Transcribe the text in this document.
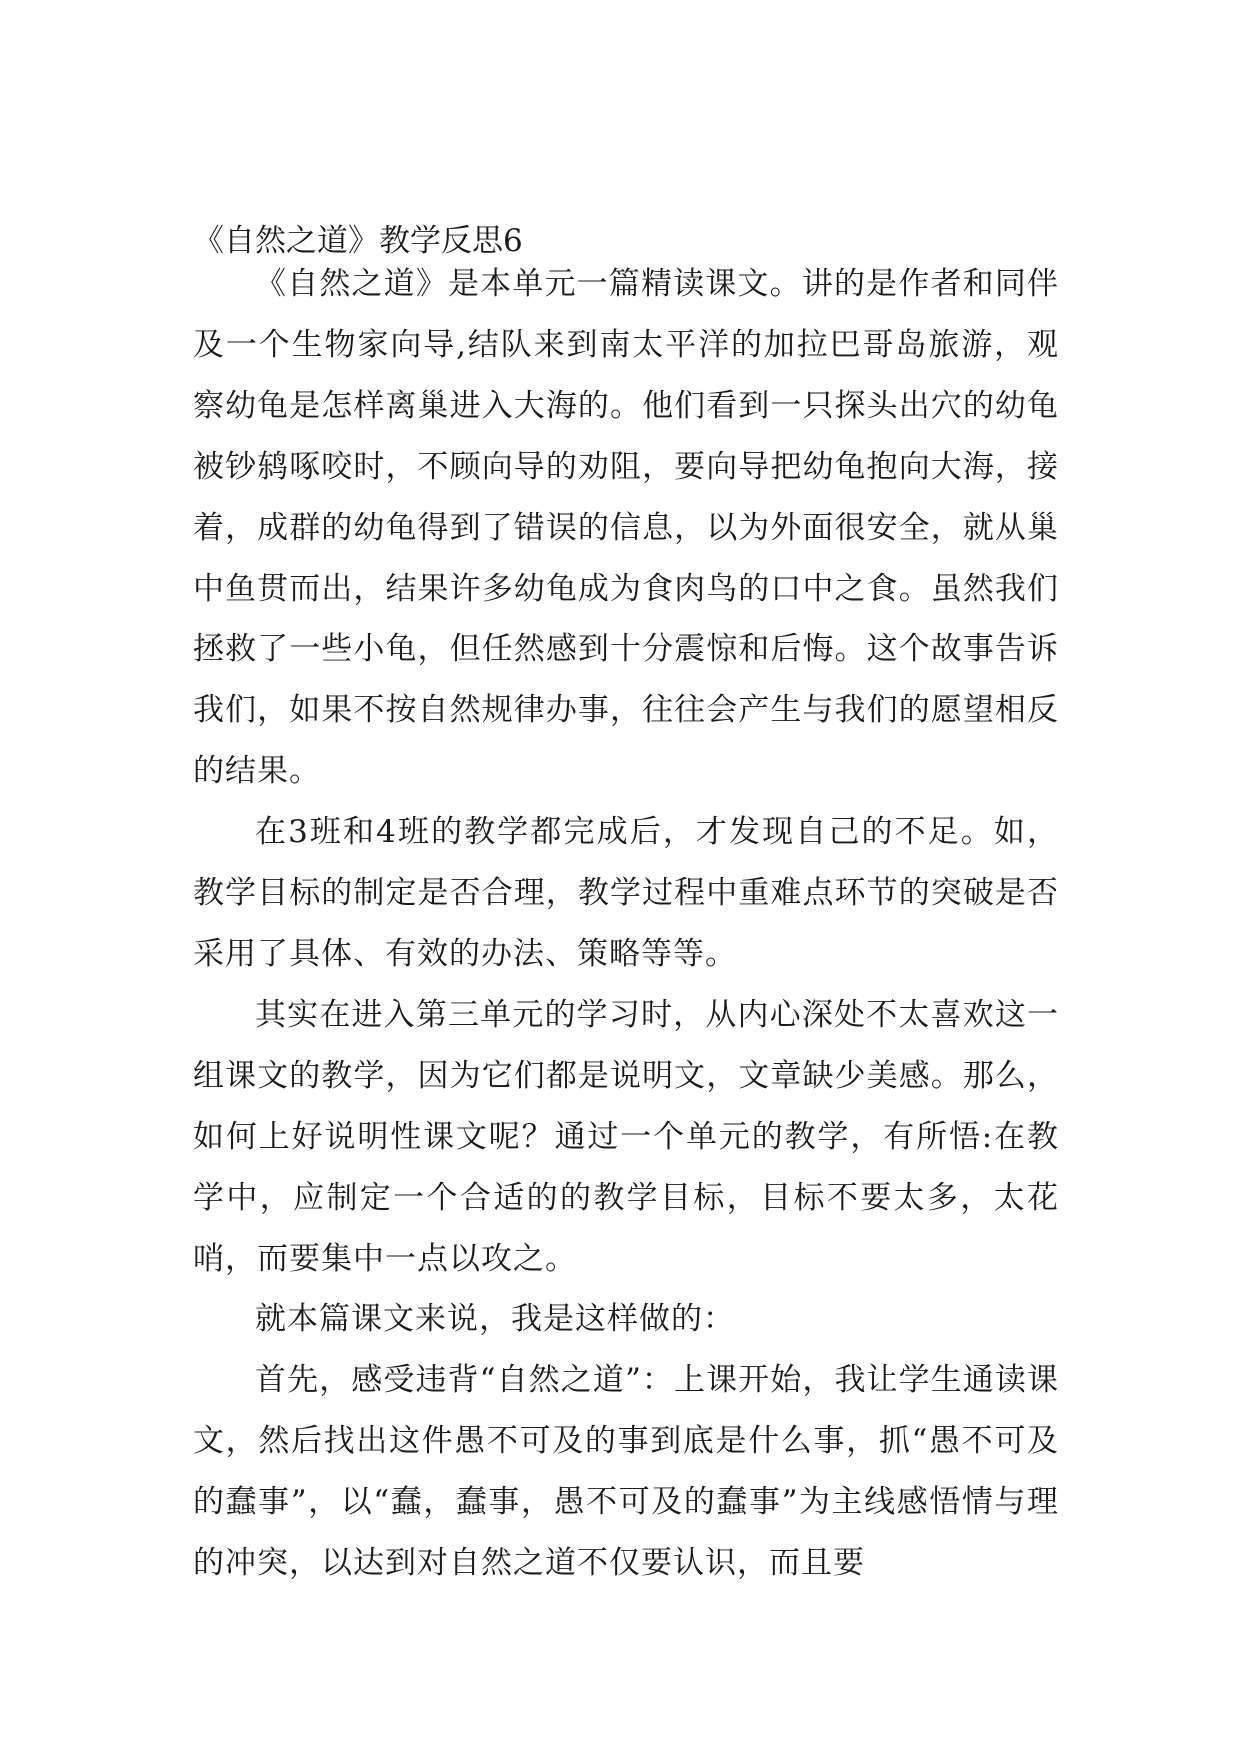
《自然之道》教学反思6

《自然之道》是本单元一篇精读课文。讲的是作者和同伴及一个生物家向导,结队来到南太平洋的加拉巴哥岛旅游，观察幼龟是怎样离巢进入大海的。他们看到一只探头出穴的幼龟被钞鸫啄咬时，不顾向导的劝阻，要向导把幼龟抱向大海，接着，成群的幼龟得到了错误的信息，以为外面很安全，就从巢中鱼贯而出，结果许多幼龟成为食肉鸟的口中之食。虽然我们拯救了一些小龟，但任然感到十分震惊和后悔。这个故事告诉我们，如果不按自然规律办事，往往会产生与我们的愿望相反的结果。

在3班和4班的教学都完成后，才发现自己的不足。如，教学目标的制定是否合理，教学过程中重难点环节的突破是否采用了具体、有效的办法、策略等等。

其实在进入第三单元的学习时，从内心深处不太喜欢这一组课文的教学，因为它们都是说明文，文章缺少美感。那么，如何上好说明性课文呢？通过一个单元的教学，有所悟:在教学中，应制定一个合适的的教学目标，目标不要太多，太花哨，而要集中一点以攻之。

就本篇课文来说，我是这样做的：

首先，感受违背“自然之道”：上课开始，我让学生通读课文，然后找出这件愚不可及的事到底是什么事，抓“愚不可及的蠢事”，以“蠢，蠢事，愚不可及的蠢事”为主线感悟情与理的冲突，以达到对自然之道不仅要认识，而且要
